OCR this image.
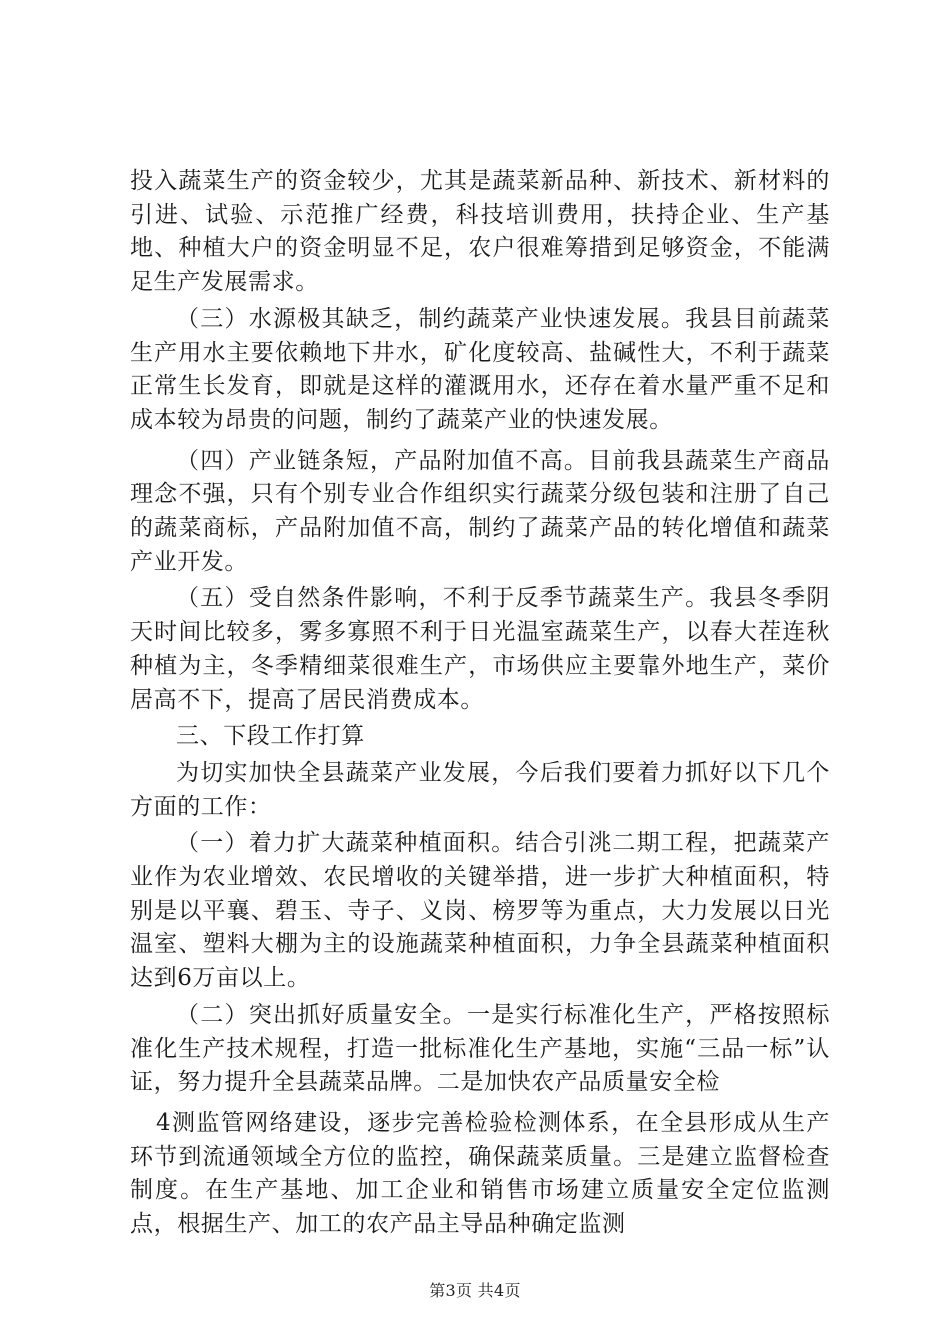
投入蔬菜生产的资金较少，尤其是蔬菜新品种、新技术、新材料的引进、试验、示范推广经费，科技培训费用，扶持企业、生产基地、种植大户的资金明显不足，农户很难筹措到足够资金，不能满足生产发展需求。

（三）水源极其缺乏，制约蔬菜产业快速发展。我县目前蔬菜生产用水主要依赖地下井水，矿化度较高、盐碱性大，不利于蔬菜正常生长发育，即就是这样的灌溉用水，还存在着水量严重不足和成本较为昂贵的问题，制约了蔬菜产业的快速发展。

（四）产业链条短，产品附加值不高。目前我县蔬菜生产商品理念不强，只有个别专业合作组织实行蔬菜分级包装和注册了自己的蔬菜商标，产品附加值不高，制约了蔬菜产品的转化增值和蔬菜产业开发。

（五）受自然条件影响，不利于反季节蔬菜生产。我县冬季阴天时间比较多，雾多寡照不利于日光温室蔬菜生产，以春大茬连秋种植为主，冬季精细菜很难生产，市场供应主要靠外地生产，菜价居高不下，提高了居民消费成本。

三、下段工作打算

为切实加快全县蔬菜产业发展，今后我们要着力抓好以下几个方面的工作：

（一）着力扩大蔬菜种植面积。结合引洮二期工程，把蔬菜产业作为农业增效、农民增收的关键举措，进一步扩大种植面积，特别是以平襄、碧玉、寺子、义岗、榜罗等为重点，大力发展以日光温室、塑料大棚为主的设施蔬菜种植面积，力争全县蔬菜种植面积达到6万亩以上。

（二）突出抓好质量安全。一是实行标准化生产，严格按照标准化生产技术规程，打造一批标准化生产基地，实施“三品一标”认证，努力提升全县蔬菜品牌。二是加快农产品质量安全检

4测监管网络建设，逐步完善检验检测体系，在全县形成从生产环节到流通领域全方位的监控，确保蔬菜质量。三是建立监督检查制度。在生产基地、加工企业和销售市场建立质量安全定位监测点，根据生产、加工的农产品主导品种确定监测

第3页 共4页
